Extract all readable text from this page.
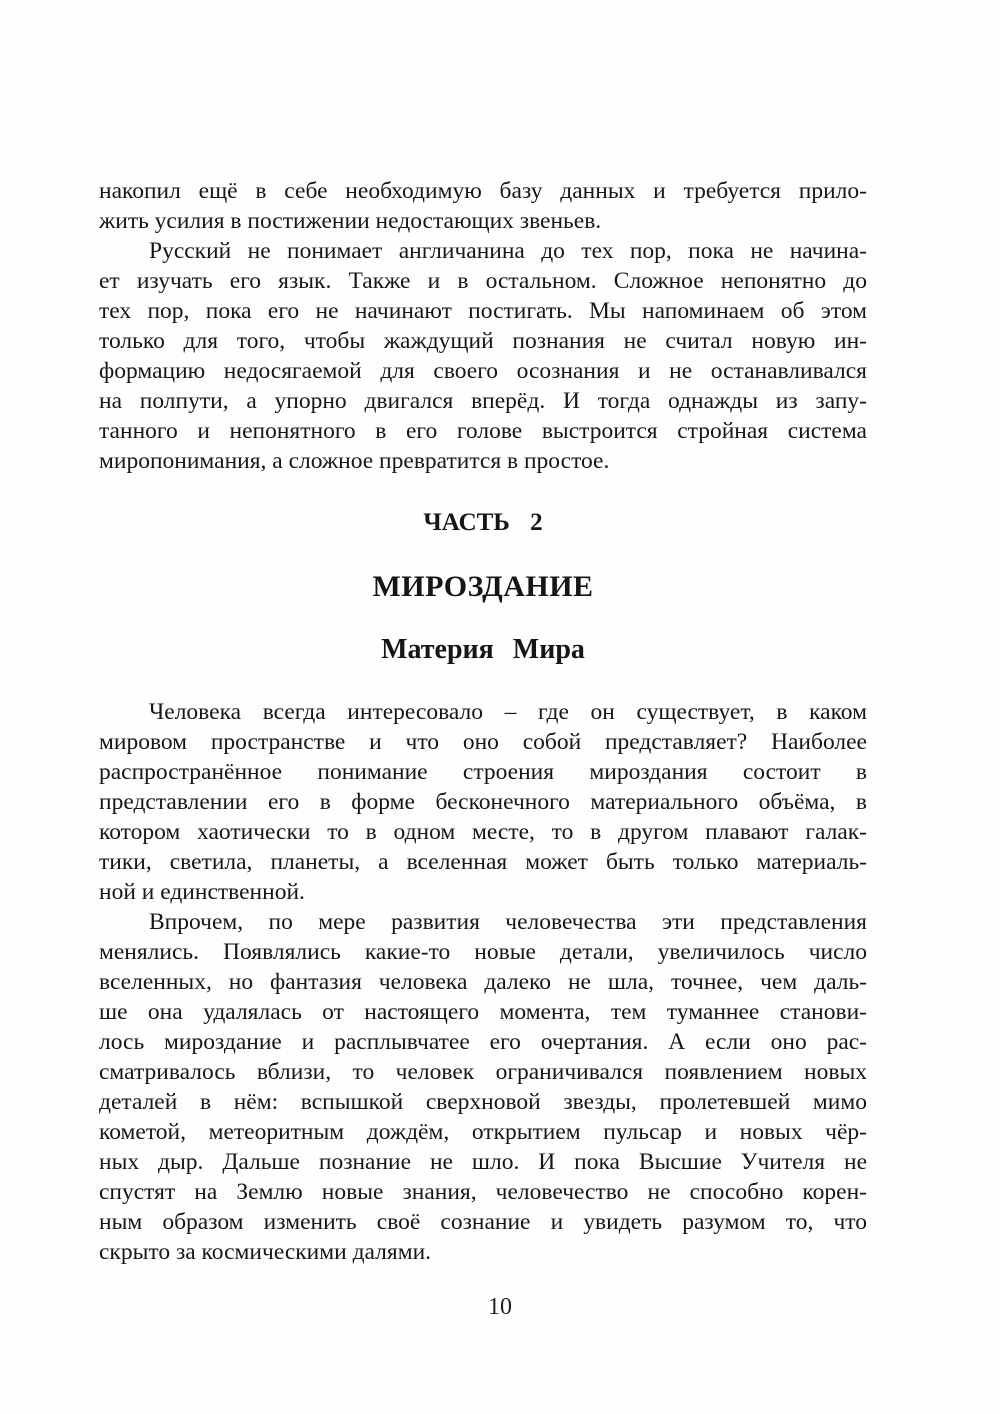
накопил ещё в себе необходимую базу данных и требуется прило-
жить усилия в постижении недостающих звеньев.
Русский не понимает англичанина до тех пор, пока не начина-
ет изучать его язык. Также и в остальном. Сложное непонятно до
тех пор, пока его не начинают постигать. Мы напоминаем об этом
только для того, чтобы жаждущий познания не считал новую ин-
формацию недосягаемой для своего осознания и не останавливался
на полпути, а упорно двигался вперёд. И тогда однажды из запу-
танного и непонятного в его голове выстроится стройная система
миропонимания, а сложное превратится в простое.
ЧАСТЬ 2
МИРОЗДАНИЕ
Материя Мира
Человека всегда интересовало – где он существует, в каком
мировом пространстве и что оно собой представляет? Наиболее
распространённое понимание строения мироздания состоит в
представлении его в форме бесконечного материального объёма, в
котором хаотически то в одном месте, то в другом плавают галак-
тики, светила, планеты, а вселенная может быть только материаль-
ной и единственной.
Впрочем, по мере развития человечества эти представления
менялись. Появлялись какие-то новые детали, увеличилось число
вселенных, но фантазия человека далеко не шла, точнее, чем даль-
ше она удалялась от настоящего момента, тем туманнее станови-
лось мироздание и расплывчатее его очертания. А если оно рас-
сматривалось вблизи, то человек ограничивался появлением новых
деталей в нём: вспышкой сверхновой звезды, пролетевшей мимо
кометой, метеоритным дождём, открытием пульсар и новых чёр-
ных дыр. Дальше познание не шло. И пока Высшие Учителя не
спустят на Землю новые знания, человечество не способно корен-
ным образом изменить своё сознание и увидеть разумом то, что
скрыто за космическими далями.
10
